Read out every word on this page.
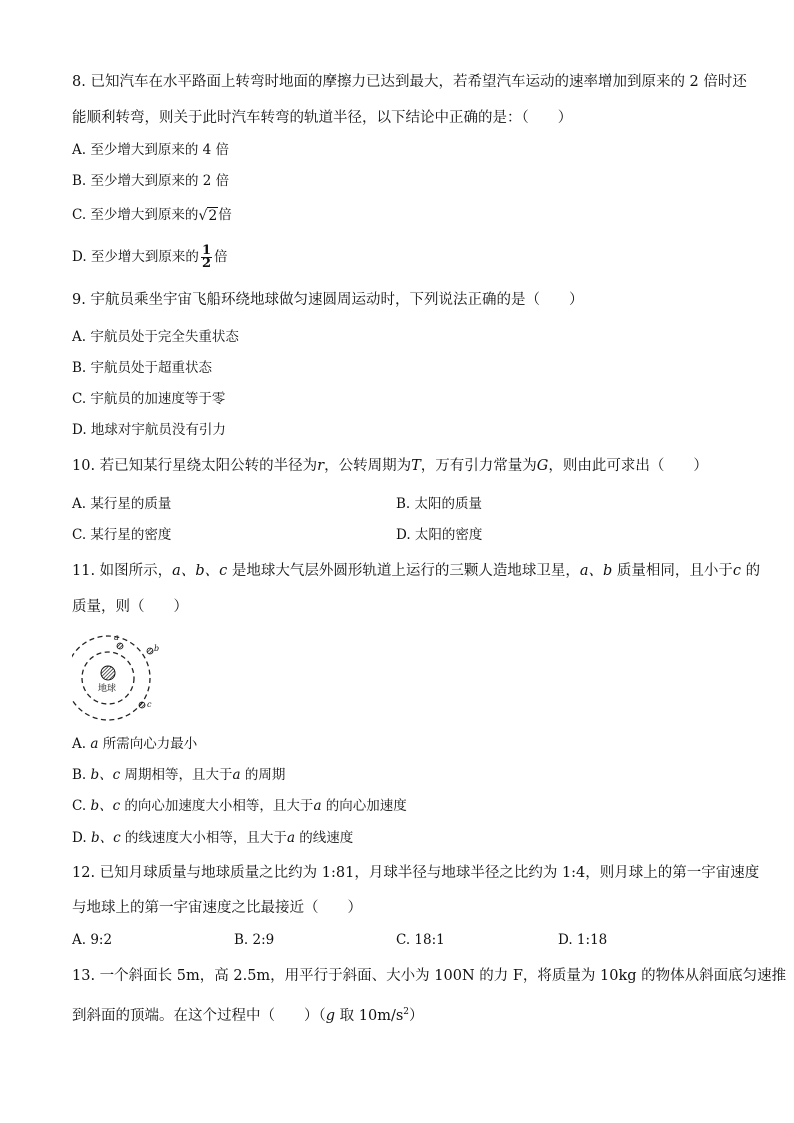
8. 已知汽车在水平路面上转弯时地面的摩擦力已达到最大，若希望汽车运动的速率增加到原来的 2 倍时还
能顺利转弯，则关于此时汽车转弯的轨道半径，以下结论中正确的是：（　　）
A. 至少增大到原来的 4 倍
B. 至少增大到原来的 2 倍
C. 至少增大到原来的√2倍
D. 至少增大到原来的 $\frac{1}{2}$ 倍
9. 宇航员乘坐宇宙飞船环绕地球做匀速圆周运动时，下列说法正确的是（　　）
A. 宇航员处于完全失重状态
B. 宇航员处于超重状态
C. 宇航员的加速度等于零
D. 地球对宇航员没有引力
10. 若已知某行星绕太阳公转的半径为r，公转周期为T，万有引力常量为G，则由此可求出（　　）
A. 某行星的质量	B. 太阳的质量
C. 某行星的密度	D. 太阳的密度
11. 如图所示，a、b、c 是地球大气层外圆形轨道上运行的三颗人造地球卫星，a、b 质量相同，且小于c 的
质量，则（　　）
地球
a
b
c
A. a 所需向心力最小
B. b、c 周期相等，且大于a 的周期
C. b、c 的向心加速度大小相等，且大于a 的向心加速度
D. b、c 的线速度大小相等，且大于a 的线速度
12. 已知月球质量与地球质量之比约为 1:81，月球半径与地球半径之比约为 1:4，则月球上的第一宇宙速度
与地球上的第一宇宙速度之比最接近（　　）
A. 9:2	B. 2:9	C. 18:1	D. 1:18
13. 一个斜面长 5m，高 2.5m，用平行于斜面、大小为 100N 的力 F，将质量为 10kg 的物体从斜面底匀速推
到斜面的顶端。在这个过程中（　　）（g 取 $10m/s^2$）
